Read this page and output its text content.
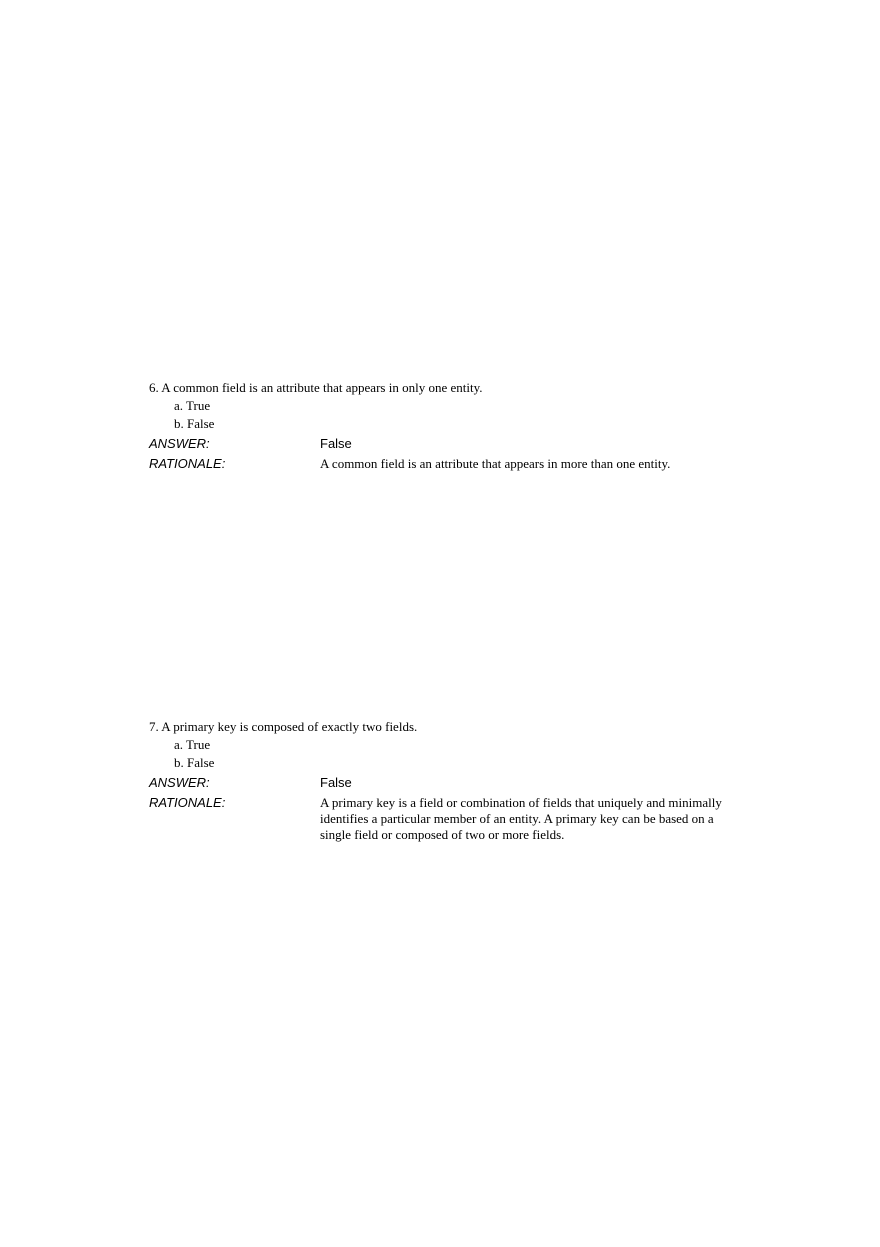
6. A common field is an attribute that appears in only one entity.
a. True
b. False
ANSWER:	False
RATIONALE:	A common field is an attribute that appears in more than one entity.
7. A primary key is composed of exactly two fields.
a. True
b. False
ANSWER:	False
RATIONALE:	A primary key is a field or combination of fields that uniquely and minimally identifies a particular member of an entity. A primary key can be based on a single field or composed of two or more fields.
